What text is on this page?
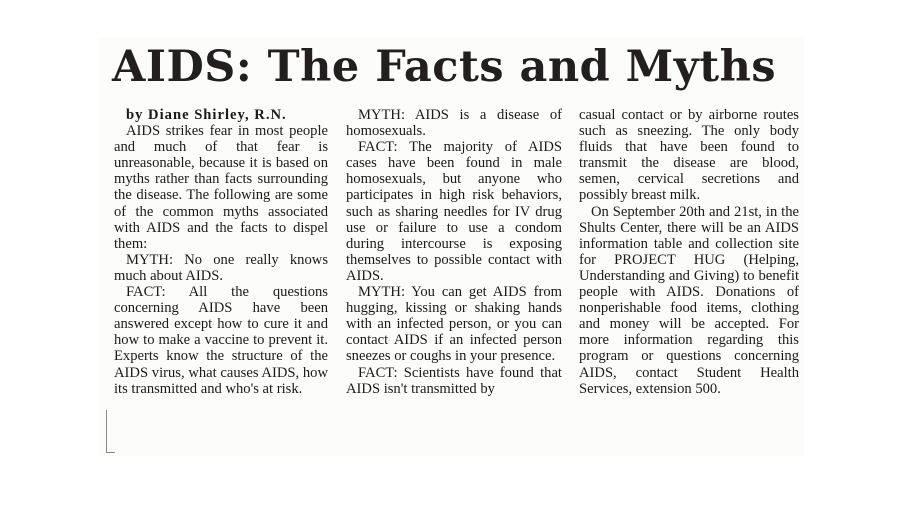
AIDS: The Facts and Myths

by Diane Shirley, R.N.

AIDS strikes fear in most people and much of that fear is unreasonable, because it is based on myths rather than facts surrounding the disease. The following are some of the common myths associated with AIDS and the facts to dispel them:

MYTH: No one really knows much about AIDS.

FACT: All the questions concerning AIDS have been answered except how to cure it and how to make a vaccine to prevent it. Experts know the structure of the AIDS virus, what causes AIDS, how its transmitted and who's at risk.

MYTH: AIDS is a disease of homosexuals.

FACT: The majority of AIDS cases have been found in male homosexuals, but anyone who participates in high risk behaviors, such as sharing needles for IV drug use or failure to use a condom during intercourse is exposing themselves to possible contact with AIDS.

MYTH: You can get AIDS from hugging, kissing or shaking hands with an infected person, or you can contact AIDS if an infected person sneezes or coughs in your presence.

FACT: Scientists have found that AIDS isn't transmitted by

casual contact or by airborne routes such as sneezing. The only body fluids that have been found to transmit the disease are blood, semen, cervical secretions and possibly breast milk.

On September 20th and 21st, in the Shults Center, there will be an AIDS information table and collection site for PROJECT HUG (Helping, Understanding and Giving) to benefit people with AIDS. Donations of nonperishable food items, clothing and money will be accepted. For more information regarding this program or questions concerning AIDS, contact Student Health Services, extension 500.
